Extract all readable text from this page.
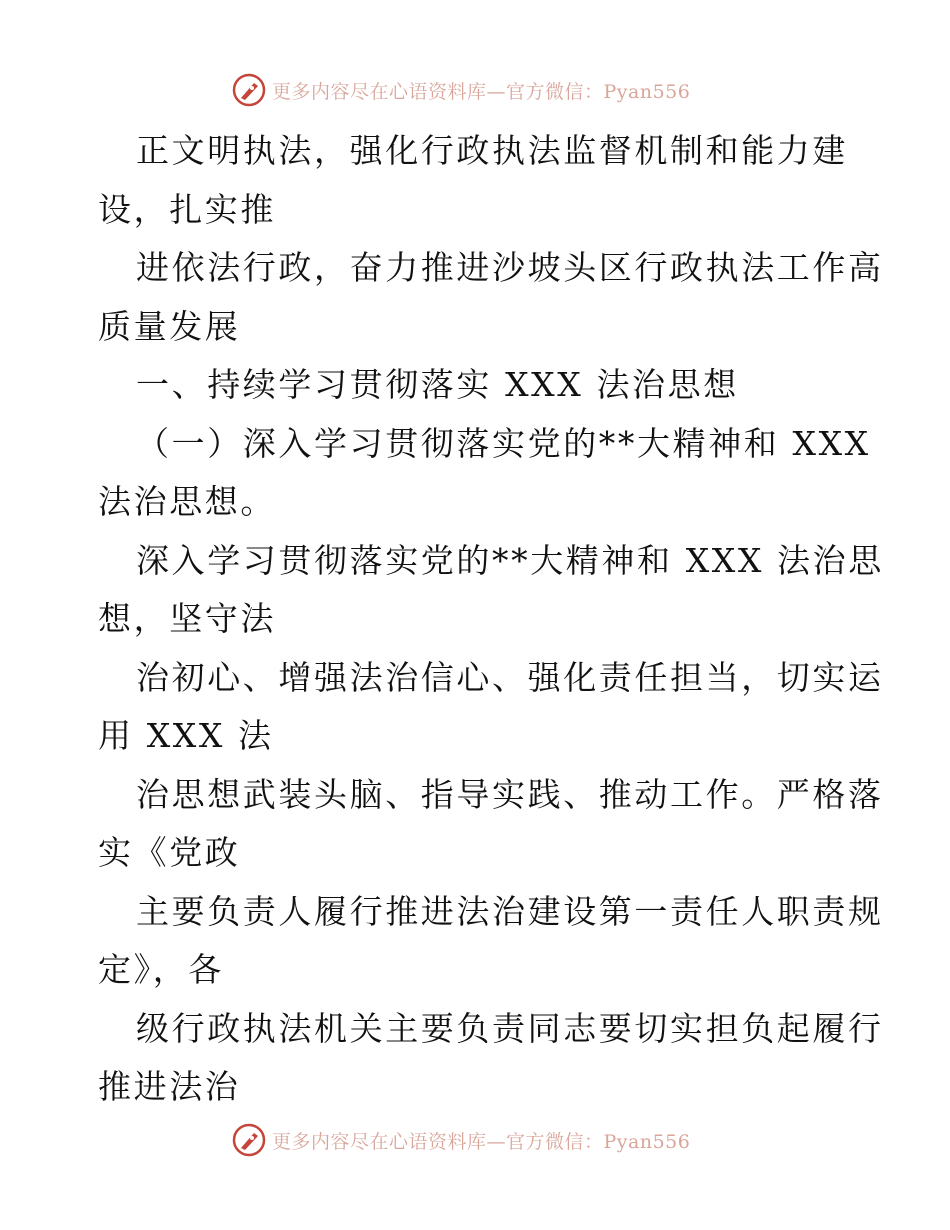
更多内容尽在心语资料库—官方微信：Pyan556
正文明执法，强化行政执法监督机制和能力建
设，扎实推
进依法行政，奋力推进沙坡头区行政执法工作高
质量发展
一、持续学习贯彻落实 XXX 法治思想
（一）深入学习贯彻落实党的**大精神和 XXX
法治思想。
深入学习贯彻落实党的**大精神和 XXX 法治思
想，坚守法
治初心、增强法治信心、强化责任担当，切实运
用 XXX 法
治思想武装头脑、指导实践、推动工作。严格落
实《党政
主要负责人履行推进法治建设第一责任人职责规
定》，各
级行政执法机关主要负责同志要切实担负起履行
推进法治
更多内容尽在心语资料库—官方微信：Pyan556
